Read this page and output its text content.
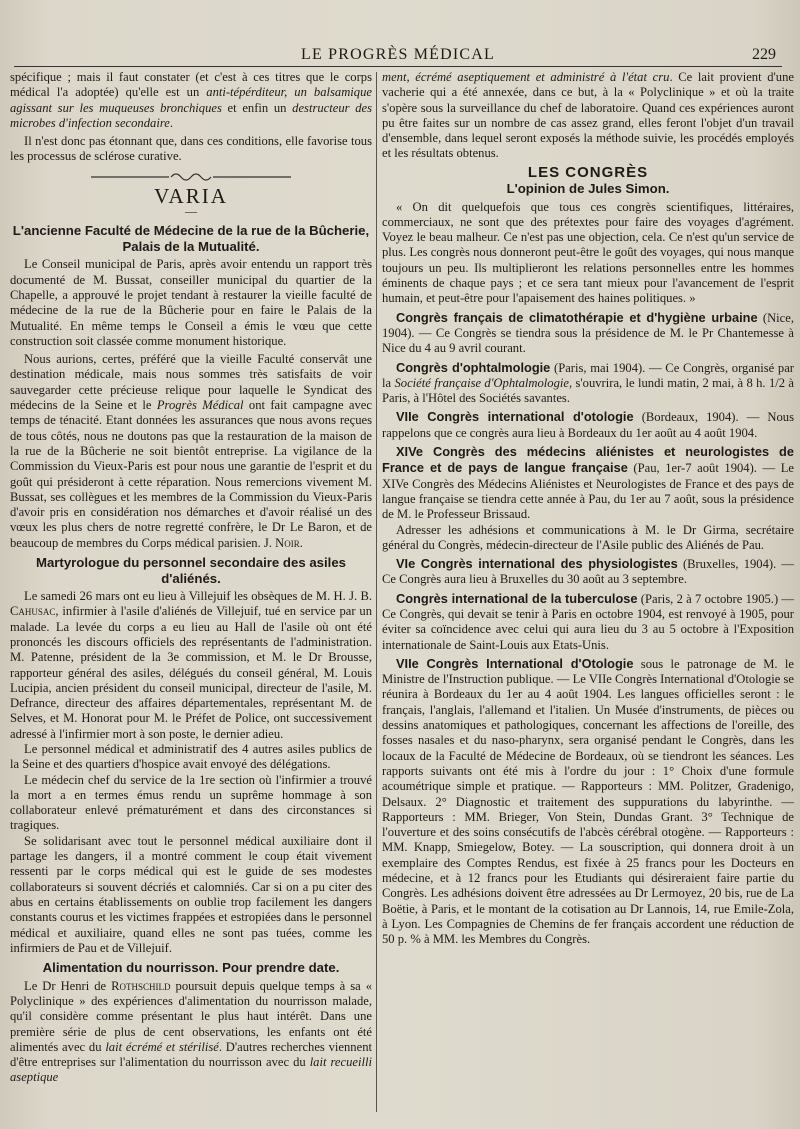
LE PROGRÈS MÉDICAL	229

spécifique ; mais il faut constater (et c'est à ces titres que le corps médical l'a adoptée) qu'elle est un anti-tépérditeur, un balsamique agissant sur les muqueuses bronchiques et enfin un destructeur des microbes d'infection secondaire.

Il n'est donc pas étonnant que, dans ces conditions, elle favorise tous les processus de sclérose curative.

VARIA
—
L'ancienne Faculté de Médecine de la rue de la Bûcherie, Palais de la Mutualité.

Le Conseil municipal de Paris, après avoir entendu un rapport très documenté de M. Bussat, conseiller municipal du quartier de la Chapelle, a approuvé le projet tendant à restaurer la vieille faculté de médecine de la rue de la Bûcherie pour en faire le Palais de la Mutualité. En même temps le Conseil a émis le vœu que cette construction soit classée comme monument historique.

Nous aurions, certes, préféré que la vieille Faculté conservât une destination médicale, mais nous sommes très satisfaits de voir sauvegarder cette précieuse relique pour laquelle le Syndicat des médecins de la Seine et le Progrès Médical ont fait campagne avec temps de ténacité. Etant données les assurances que nous avons reçues de tous côtés, nous ne doutons pas que la restauration de la maison de la rue de la Bûcherie ne soit bientôt entreprise. La vigilance de la Commission du Vieux-Paris est pour nous une garantie de l'esprit et du goût qui présideront à cette réparation. Nous remercions vivement M. Bussat, ses collègues et les membres de la Commission du Vieux-Paris d'avoir pris en considération nos démarches et d'avoir réalisé un des vœux les plus chers de notre regretté confrère, le Dr Le Baron, et de beaucoup de membres du Corps médical parisien. J. Noir.

Martyrologue du personnel secondaire des asiles d'aliénés.

Le samedi 26 mars ont eu lieu à Villejuif les obsèques de M. H. J. B. Cahusac, infirmier à l'asile d'aliénés de Villejuif, tué en service par un malade. La levée du corps a eu lieu au Hall de l'asile où ont été prononcés les discours officiels des représentants de l'administration. M. Patenne, président de la 3e commission, et M. le Dr Brousse, rapporteur général des asiles, délégués du conseil général, M. Louis Lucipia, ancien président du conseil municipal, directeur de l'asile, M. Defrance, directeur des affaires départementales, représentant M. de Selves, et M. Honorat pour M. le Préfet de Police, ont successivement adressé à l'infirmier mort à son poste, le dernier adieu.

Le personnel médical et administratif des 4 autres asiles publics de la Seine et des quartiers d'hospice avait envoyé des délégations.

Le médecin chef du service de la 1re section où l'infirmier a trouvé la mort a en termes émus rendu un suprême hommage à son collaborateur enlevé prématurément et dans des circonstances si tragiques.

Se solidarisant avec tout le personnel médical auxiliaire dont il partage les dangers, il a montré comment le coup était vivement ressenti par le corps médical qui est le guide de ses modestes collaborateurs si souvent décriés et calomniés. Car si on a pu citer des abus en certains établissements on oublie trop facilement les dangers constants courus et les victimes frappées et estropiées dans le personnel médical et auxiliaire, quand elles ne sont pas tuées, comme les infirmiers de Pau et de Villejuif.

Alimentation du nourrisson. Pour prendre date.

Le Dr Henri de Rothschild poursuit depuis quelque temps à sa « Polyclinique » des expériences d'alimentation du nourrisson malade, qu'il considère comme présentant le plus haut intérêt. Dans une première série de plus de cent observations, les enfants ont été alimentés avec du lait écrémé et stérilisé. D'autres recherches viennent d'être entreprises sur l'alimentation du nourrisson avec du lait recueilli aseptique

ment, écrémé aseptiquement et administré à l'état cru. Ce lait provient d'une vacherie qui a été annexée, dans ce but, à la « Polyclinique » et où la traite s'opère sous la surveillance du chef de laboratoire. Quand ces expériences auront pu être faites sur un nombre de cas assez grand, elles feront l'objet d'un travail d'ensemble, dans lequel seront exposés la méthode suivie, les procédés employés et les résultats obtenus.

LES CONGRÈS
L'opinion de Jules Simon.

« On dit quelquefois que tous ces congrès scientifiques, littéraires, commerciaux, ne sont que des prétextes pour faire des voyages d'agrément. Voyez le beau malheur. Ce n'est pas une objection, cela. Ce n'est qu'un service de plus. Les congrès nous donneront peut-être le goût des voyages, qui nous manque toujours un peu. Ils multiplieront les relations personnelles entre les hommes éminents de chaque pays ; et ce sera tant mieux pour l'avancement de l'esprit humain, et peut-être pour l'apaisement des haines politiques. »

Congrès français de climatothérapie et d'hygiène urbaine (Nice, 1904). — Ce Congrès se tiendra sous la présidence de M. le Pr Chantemesse à Nice du 4 au 9 avril courant.

Congrès d'ophtalmologie (Paris, mai 1904). — Ce Congrès, organisé par la Société française d'Ophtalmologie, s'ouvrira, le lundi matin, 2 mai, à 8 h. 1/2 à Paris, à l'Hôtel des Sociétés savantes.

VIIe Congrès international d'otologie (Bordeaux, 1904). — Nous rappelons que ce congrès aura lieu à Bordeaux du 1er août au 4 août 1904.

XIVe Congrès des médecins aliénistes et neurologistes de France et de pays de langue française (Pau, 1er-7 août 1904). — Le XIVe Congrès des Médecins Aliénistes et Neurologistes de France et des pays de langue française se tiendra cette année à Pau, du 1er au 7 août, sous la présidence de M. le Professeur Brissaud.

Adresser les adhésions et communications à M. le Dr Girma, secrétaire général du Congrès, médecin-directeur de l'Asile public des Aliénés de Pau.

VIe Congrès international des physiologistes (Bruxelles, 1904). — Ce Congrès aura lieu à Bruxelles du 30 août au 3 septembre.

Congrès international de la tuberculose (Paris, 2 à 7 octobre 1905.) — Ce Congrès, qui devait se tenir à Paris en octobre 1904, est renvoyé à 1905, pour éviter sa coïncidence avec celui qui aura lieu du 3 au 5 octobre à l'Exposition internationale de Saint-Louis aux Etats-Unis.

VIIe Congrès International d'Otologie sous le patronage de M. le Ministre de l'Instruction publique. — Le VIIe Congrès International d'Otologie se réunira à Bordeaux du 1er au 4 août 1904. Les langues officielles seront : le français, l'anglais, l'allemand et l'italien. Un Musée d'instruments, de pièces ou dessins anatomiques et pathologiques, concernant les affections de l'oreille, des fosses nasales et du naso-pharynx, sera organisé pendant le Congrès, dans les locaux de la Faculté de Médecine de Bordeaux, où se tiendront les séances. Les rapports suivants ont été mis à l'ordre du jour : 1° Choix d'une formule acoumétrique simple et pratique. — Rapporteurs : MM. Politzer, Gradenigo, Delsaux. 2° Diagnostic et traitement des suppurations du labyrinthe. — Rapporteurs : MM. Brieger, Von Stein, Dundas Grant. 3° Technique de l'ouverture et des soins consécutifs de l'abcès cérébral otogène. — Rapporteurs : MM. Knapp, Smiegelow, Botey. — La souscription, qui donnera droit à un exemplaire des Comptes Rendus, est fixée à 25 francs pour les Docteurs en médecine, et à 12 francs pour les Etudiants qui désireraient faire partie du Congrès. Les adhésions doivent être adressées au Dr Lermoyez, 20 bis, rue de La Boëtie, à Paris, et le montant de la cotisation au Dr Lannois, 14, rue Emile-Zola, à Lyon. Les Compagnies de Chemins de fer français accordent une réduction de 50 p. % à MM. les Membres du Congrès.
